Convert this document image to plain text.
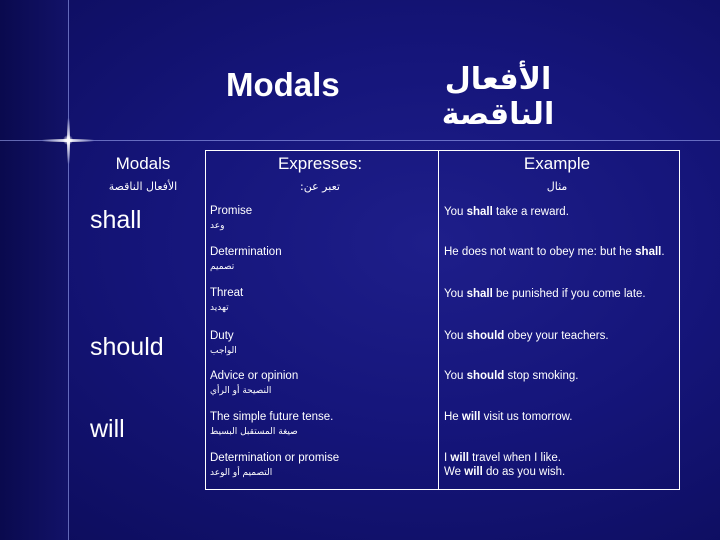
Modals	الأفعال الناقصة
Modals
الأفعال الناقصة
Expresses:
تعبر عن:
Example
مثال
shall
should
will
Promise
وعد
Determination
تصميم
Threat
تهديد
Duty
الواجب
Advice or opinion
النصيحة أو الرأي
The simple future tense.
صيغة المستقبل البسيط
Determination or promise
التصميم أو الوعد
You shall take a reward.
He does not want to obey me: but he shall.
You shall be punished if you come late.
You should obey your teachers.
You should stop smoking.
He will visit us tomorrow.
I will travel when I like.
We will do as you wish.
